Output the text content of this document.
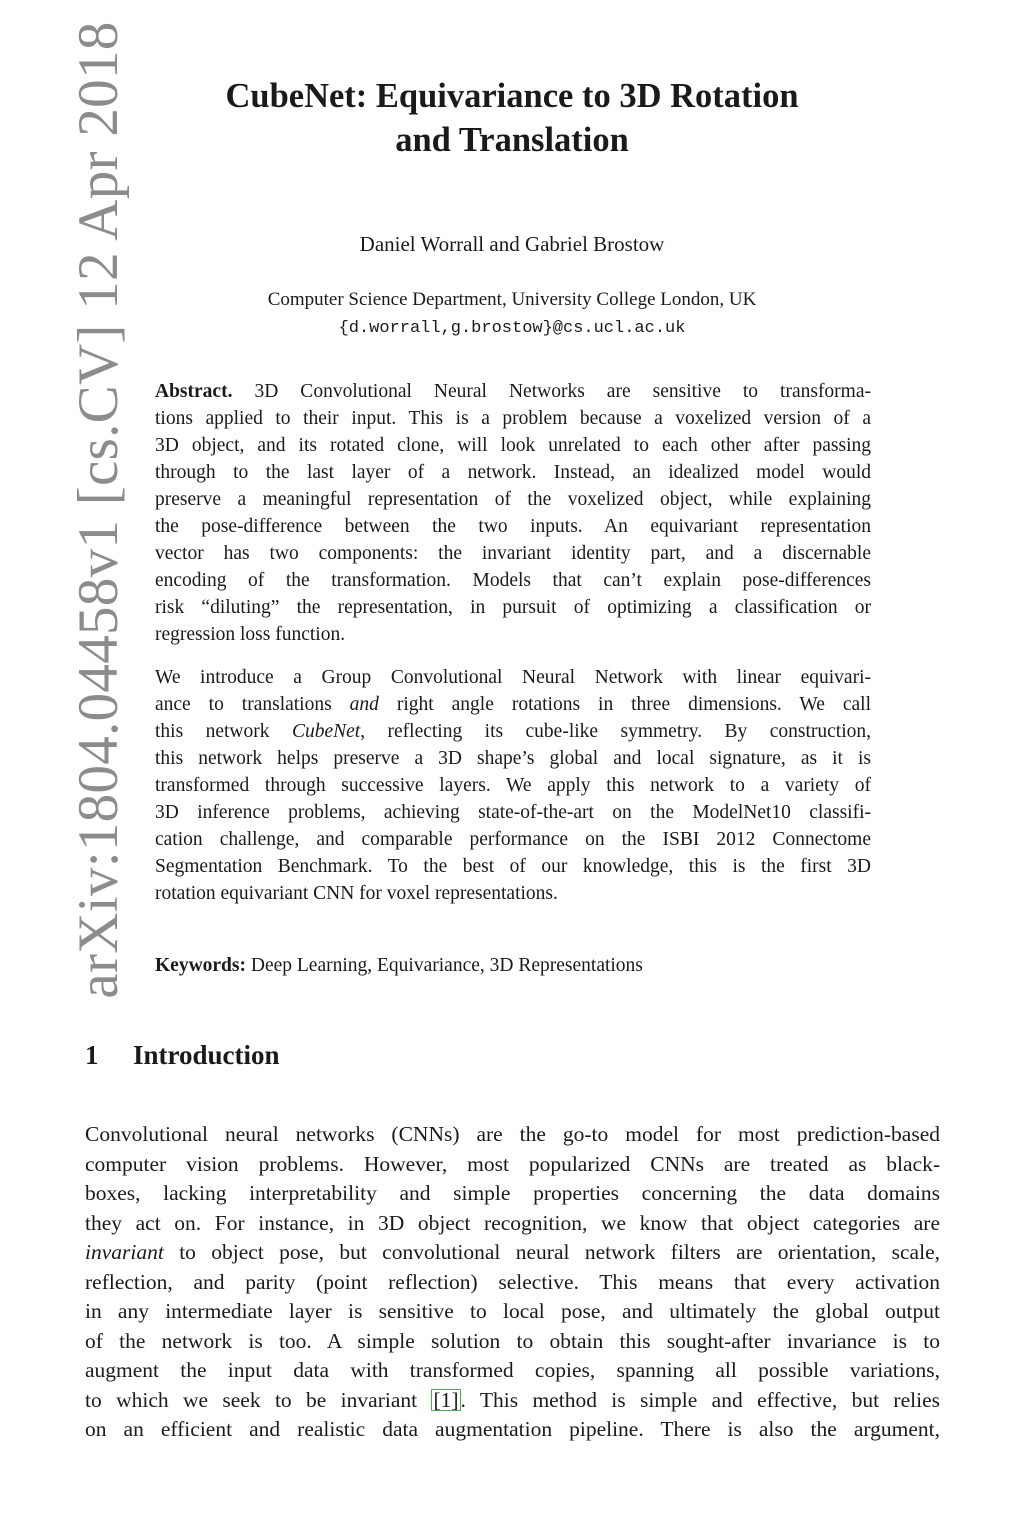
arXiv:1804.04458v1 [cs.CV] 12 Apr 2018	CubeNet: Equivariance to 3D Rotation
and Translation
Daniel Worrall and Gabriel Brostow
Computer Science Department, University College London, UK
{d.worrall,g.brostow}@cs.ucl.ac.uk
Abstract. 3D Convolutional Neural Networks are sensitive to transforma-
tions applied to their input. This is a problem because a voxelized version of a
3D object, and its rotated clone, will look unrelated to each other after passing
through to the last layer of a network. Instead, an idealized model would
preserve a meaningful representation of the voxelized object, while explaining
the pose-difference between the two inputs. An equivariant representation
vector has two components: the invariant identity part, and a discernable
encoding of the transformation. Models that can’t explain pose-differences
risk “diluting” the representation, in pursuit of optimizing a classification or
regression loss function.
We introduce a Group Convolutional Neural Network with linear equivari-
ance to translations and right angle rotations in three dimensions. We call
this network CubeNet, reflecting its cube-like symmetry. By construction,
this network helps preserve a 3D shape’s global and local signature, as it is
transformed through successive layers. We apply this network to a variety of
3D inference problems, achieving state-of-the-art on the ModelNet10 classifi-
cation challenge, and comparable performance on the ISBI 2012 Connectome
Segmentation Benchmark. To the best of our knowledge, this is the first 3D
rotation equivariant CNN for voxel representations.
Keywords: Deep Learning, Equivariance, 3D Representations
1 Introduction
Convolutional neural networks (CNNs) are the go-to model for most prediction-based
computer vision problems. However, most popularized CNNs are treated as black-
boxes, lacking interpretability and simple properties concerning the data domains
they act on. For instance, in 3D object recognition, we know that object categories are
invariant to object pose, but convolutional neural network filters are orientation, scale,
reflection, and parity (point reflection) selective. This means that every activation
in any intermediate layer is sensitive to local pose, and ultimately the global output
of the network is too. A simple solution to obtain this sought-after invariance is to
augment the input data with transformed copies, spanning all possible variations,
to which we seek to be invariant [1]. This method is simple and effective, but relies
on an efficient and realistic data augmentation pipeline. There is also the argument,
